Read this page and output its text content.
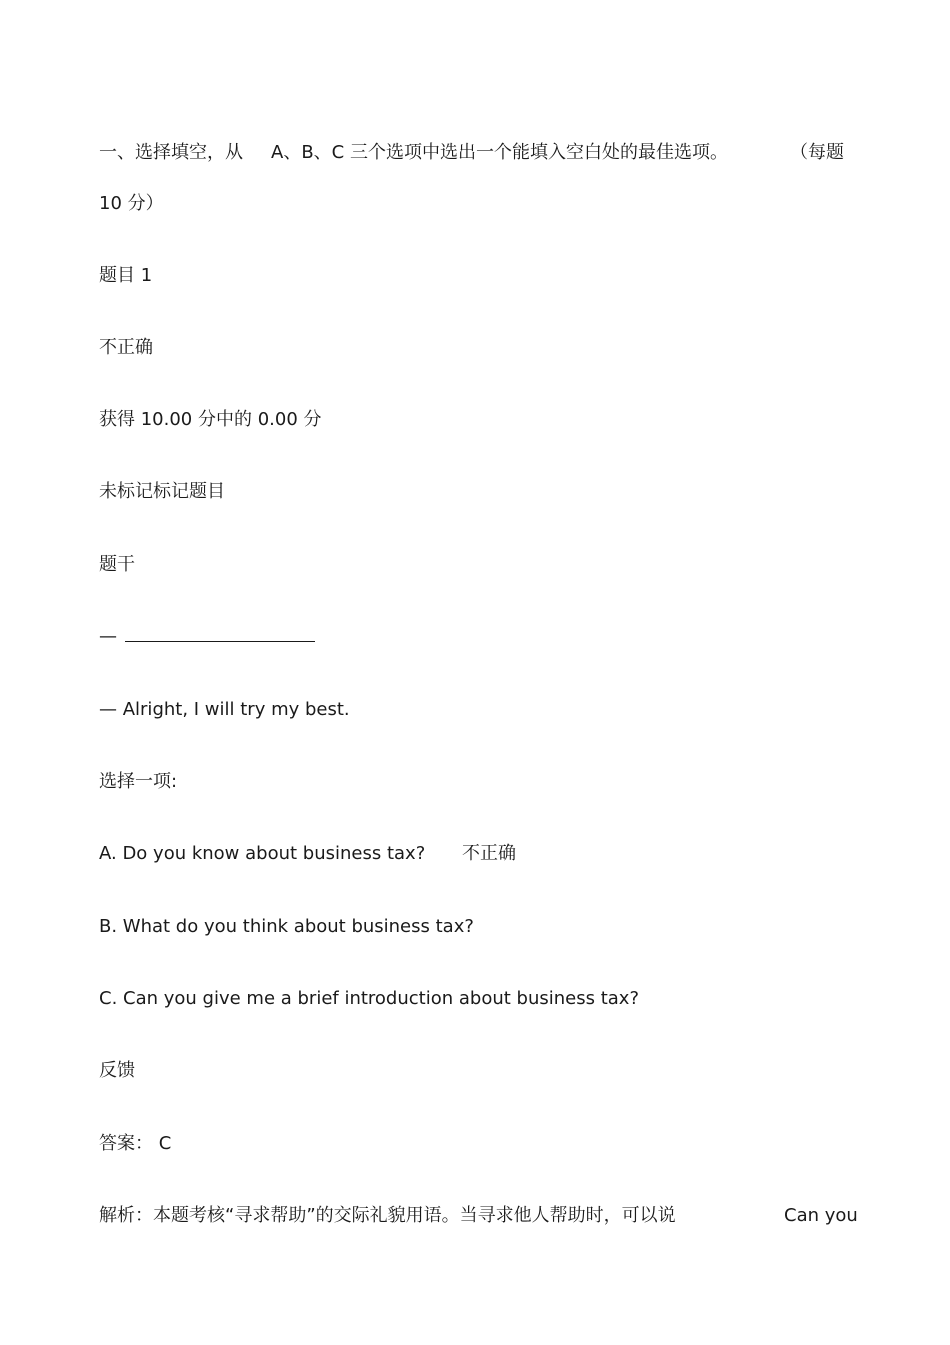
一、选择填空，从 A、B、C 三个选项中选出一个能填入空白处的最佳选项。	（每题
10 分）
题目 1
不正确
获得 10.00 分中的 0.00 分
未标记标记题目
题干
—
— Alright, I will try my best.
选择一项:
A. Do you know about business tax? 不正确
B. What do you think about business tax?
C. Can you give me a brief introduction about business tax?
反馈
答案： C
解析：本题考核“寻求帮助”的交际礼貌用语。当寻求他人帮助时，可以说	Can you
